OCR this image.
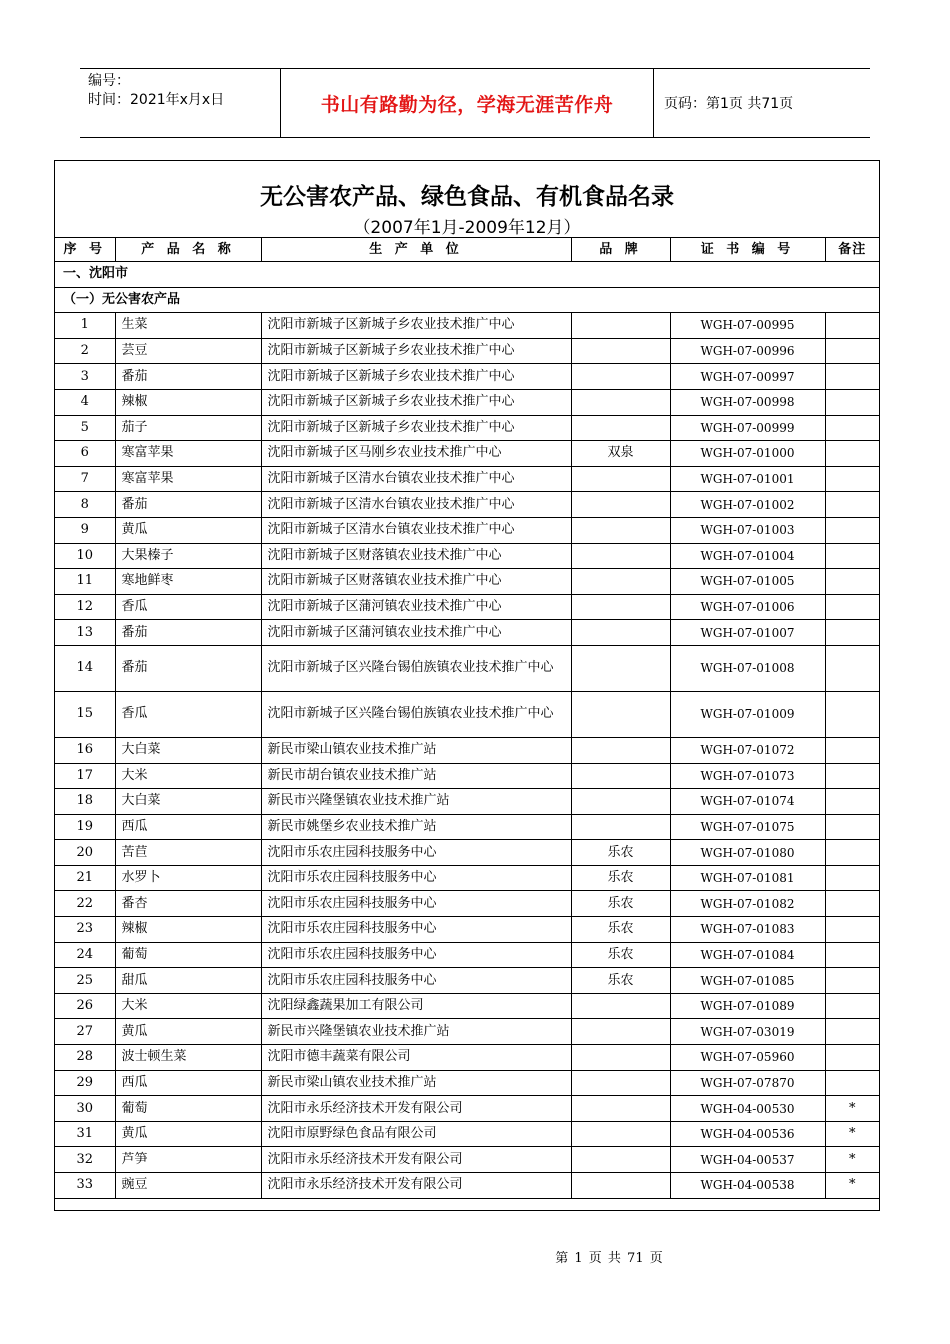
编号：
时间：2021年x月x日	书山有路勤为径，学海无涯苦作舟	页码：第1页 共71页
无公害农产品、绿色食品、有机食品名录
（2007年1月-2009年12月）
序 号	产 品 名 称	生 产 单 位	品 牌	证 书 编 号	备注
一、沈阳市					
（一）无公害农产品					
1	生菜	沈阳市新城子区新城子乡农业技术推广中心		WGH-07-00995	
2	芸豆	沈阳市新城子区新城子乡农业技术推广中心		WGH-07-00996	
3	番茄	沈阳市新城子区新城子乡农业技术推广中心		WGH-07-00997	
4	辣椒	沈阳市新城子区新城子乡农业技术推广中心		WGH-07-00998	
5	茄子	沈阳市新城子区新城子乡农业技术推广中心		WGH-07-00999	
6	寒富苹果	沈阳市新城子区马刚乡农业技术推广中心	双泉	WGH-07-01000	
7	寒富苹果	沈阳市新城子区清水台镇农业技术推广中心		WGH-07-01001	
8	番茄	沈阳市新城子区清水台镇农业技术推广中心		WGH-07-01002	
9	黄瓜	沈阳市新城子区清水台镇农业技术推广中心		WGH-07-01003	
10	大果榛子	沈阳市新城子区财落镇农业技术推广中心		WGH-07-01004	
11	寒地鲜枣	沈阳市新城子区财落镇农业技术推广中心		WGH-07-01005	
12	香瓜	沈阳市新城子区蒲河镇农业技术推广中心		WGH-07-01006	
13	番茄	沈阳市新城子区蒲河镇农业技术推广中心		WGH-07-01007	
14	番茄	沈阳市新城子区兴隆台锡伯族镇农业技术推广中心		WGH-07-01008	
15	香瓜	沈阳市新城子区兴隆台锡伯族镇农业技术推广中心		WGH-07-01009	
16	大白菜	新民市梁山镇农业技术推广站		WGH-07-01072	
17	大米	新民市胡台镇农业技术推广站		WGH-07-01073	
18	大白菜	新民市兴隆堡镇农业技术推广站		WGH-07-01074	
19	西瓜	新民市姚堡乡农业技术推广站		WGH-07-01075	
20	苦苣	沈阳市乐农庄园科技服务中心	乐农	WGH-07-01080	
21	水罗卜	沈阳市乐农庄园科技服务中心	乐农	WGH-07-01081	
22	番杏	沈阳市乐农庄园科技服务中心	乐农	WGH-07-01082	
23	辣椒	沈阳市乐农庄园科技服务中心	乐农	WGH-07-01083	
24	葡萄	沈阳市乐农庄园科技服务中心	乐农	WGH-07-01084	
25	甜瓜	沈阳市乐农庄园科技服务中心	乐农	WGH-07-01085	
26	大米	沈阳绿鑫蔬果加工有限公司		WGH-07-01089	
27	黄瓜	新民市兴隆堡镇农业技术推广站		WGH-07-03019	
28	波士顿生菜	沈阳市德丰蔬菜有限公司		WGH-07-05960	
29	西瓜	新民市梁山镇农业技术推广站		WGH-07-07870	
30	葡萄	沈阳市永乐经济技术开发有限公司		WGH-04-00530	*
31	黄瓜	沈阳市原野绿色食品有限公司		WGH-04-00536	*
32	芦笋	沈阳市永乐经济技术开发有限公司		WGH-04-00537	*
33	豌豆	沈阳市永乐经济技术开发有限公司		WGH-04-00538	*
第 1 页 共 71 页
